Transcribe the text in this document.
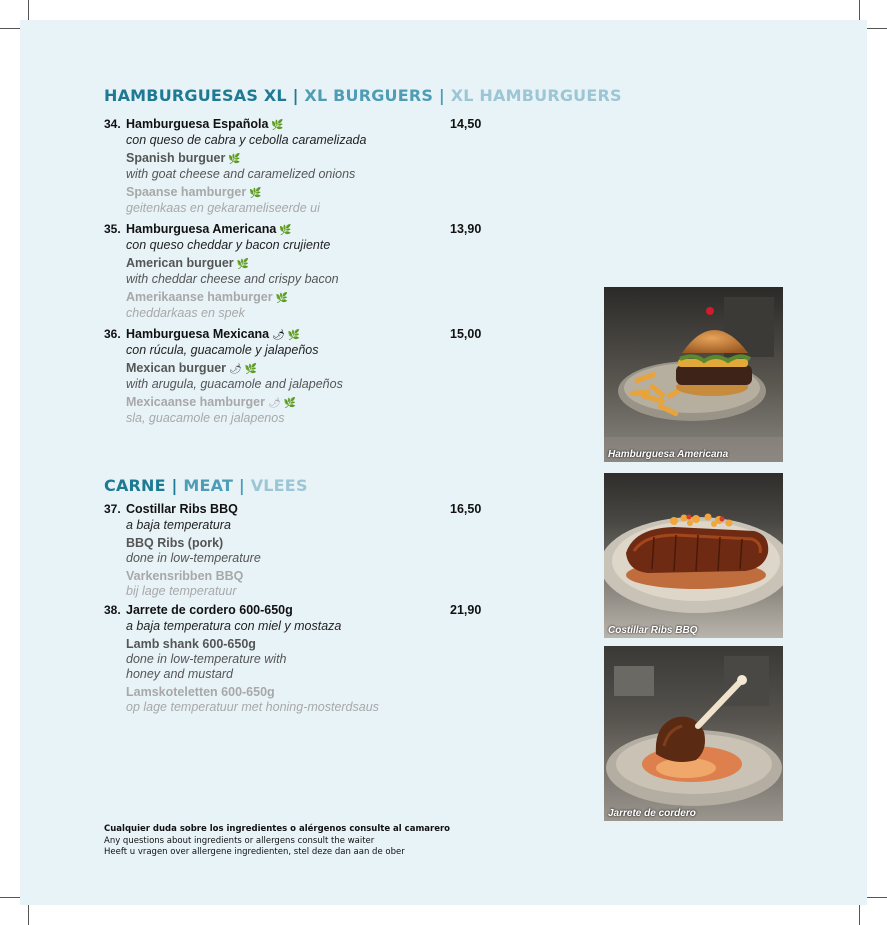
HAMBURGUESAS XL | XL BURGUERS | XL HAMBURGUERS
34. Hamburguesa Española 🌿	14,50
con queso de cabra y cebolla caramelizada
Spanish burguer 🌿
with goat cheese and caramelized onions
Spaanse hamburger 🌿
geitenkaas en gekarameliseerde ui
35. Hamburguesa Americana 🌿	13,90
con queso cheddar y bacon crujiente
American burguer 🌿
with cheddar cheese and crispy bacon
Amerikaanse hamburger 🌿
cheddarkaas en spek
36. Hamburguesa Mexicana 🌶 🌿	15,00
con rúcula, guacamole y jalapeños
Mexican burguer 🌶 🌿
with arugula, guacamole and jalapeños
Mexicaanse hamburger 🌶 🌿
sla, guacamole en jalapenos
CARNE | MEAT | VLEES
37. Costillar Ribs BBQ	16,50
a baja temperatura
BBQ Ribs (pork)
done in low-temperature
Varkensribben BBQ
bij lage temperatuur
38. Jarrete de cordero 600-650g	21,90
a baja temperatura con miel y mostaza
Lamb shank 600-650g
done in low-temperature with
honey and mustard
Lamskoteletten 600-650g
op lage temperatuur met honing-mosterdsaus
Hamburguesa Americana
Costillar Ribs BBQ
Jarrete de cordero
Cualquier duda sobre los ingredientes o alérgenos consulte al camarero
Any questions about ingredients or allergens consult the waiter
Heeft u vragen over allergene ingredienten, stel deze dan aan de ober
